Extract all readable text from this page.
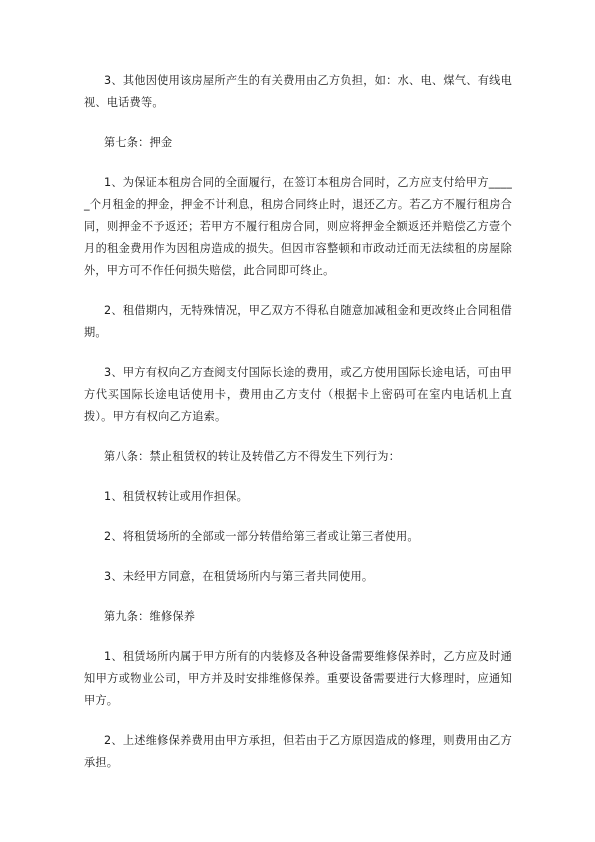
3、其他因使用该房屋所产生的有关费用由乙方负担，如：水、电、煤气、有线电视、电话费等。

第七条：押金

1、为保证本租房合同的全面履行，在签订本租房合同时，乙方应支付给甲方_____个月租金的押金，押金不计利息，租房合同终止时，退还乙方。若乙方不履行租房合同，则押金不予返还；若甲方不履行租房合同，则应将押金全额返还并赔偿乙方壹个月的租金费用作为因租房造成的损失。但因市容整顿和市政动迁而无法续租的房屋除外，甲方可不作任何损失赔偿，此合同即可终止。

2、租借期内，无特殊情况，甲乙双方不得私自随意加减租金和更改终止合同租借期。

3、甲方有权向乙方查阅支付国际长途的费用，或乙方使用国际长途电话，可由甲方代买国际长途电话使用卡，费用由乙方支付（根据卡上密码可在室内电话机上直拨）。甲方有权向乙方追索。

第八条：禁止租赁权的转让及转借乙方不得发生下列行为：

1、租赁权转让或用作担保。

2、将租赁场所的全部或一部分转借给第三者或让第三者使用。

3、未经甲方同意，在租赁场所内与第三者共同使用。

第九条：维修保养

1、租赁场所内属于甲方所有的内装修及各种设备需要维修保养时，乙方应及时通知甲方或物业公司，甲方并及时安排维修保养。重要设备需要进行大修理时，应通知甲方。

2、上述维修保养费用由甲方承担，但若由于乙方原因造成的修理，则费用由乙方承担。
